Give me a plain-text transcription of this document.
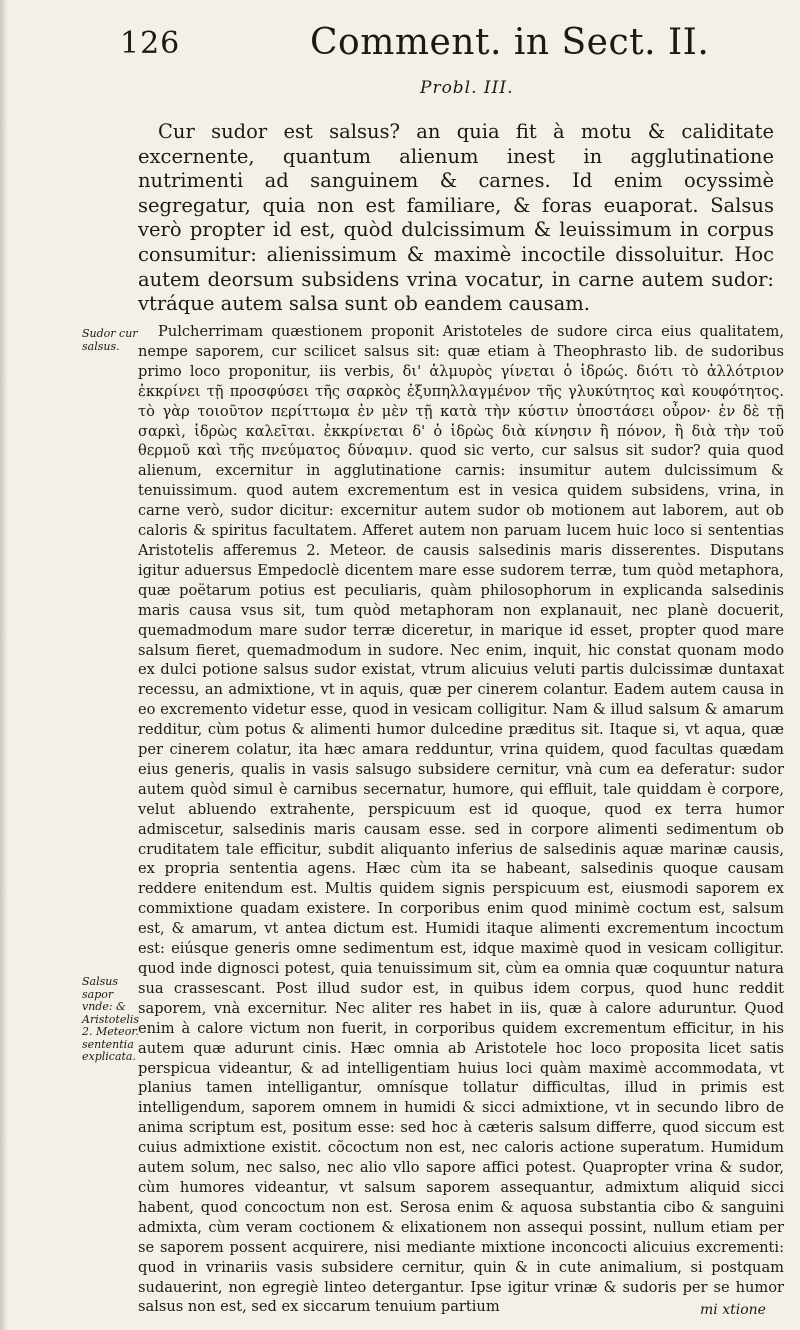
126	Comment. in Sect. II.
Probl. III.
Cur sudor est salsus? an quia fit à motu & caliditate excernente, quantum alienum inest in agglutinatione nutrimenti ad sanguinem & carnes. Id enim ocyssimè segregatur, quia non est familiare, & foras euaporat. Salsus verò propter id est, quòd dulcissimum & leuissimum in corpus consumitur: alienissimum & maximè incoctile dissoluitur. Hoc autem deorsum subsidens vrina vocatur, in carne autem sudor: vtráque autem salsa sunt ob eandem causam.
Sudor cur salsus.

Pulcherrimam quæstionem proponit Aristoteles de sudore circa eius qualitatem, nempe saporem, cur scilicet salsus sit: quæ etiam à Theophrasto lib. de sudoribus primo loco proponitur, iis verbis, δι' ἁλμυρὸς γίνεται ὁ ἱδρώς. διότι τὸ ἀλλότριον ἐκκρίνει τῇ προσφύσει τῆς σαρκὸς ἐξυπηλλαγμένον τῆς γλυκύτητος καὶ κουφότητος. τὸ γὰρ τοιοῦτον περίττωμα ἐν μὲν τῇ κατὰ τὴν κύστιν ὑποστάσει οὖρον· ἐν δὲ τῇ σαρκὶ, ἱδρὼς καλεῖται. ἐκκρίνεται δ' ὁ ἱδρὼς διὰ κίνησιν ἢ πόνον, ἢ διὰ τὴν τοῦ θερμοῦ καὶ τῆς πνεύματος δύναμιν. quod sic verto, cur salsus sit sudor? quia quod alienum, excernitur in agglutinatione carnis: insumitur autem dulcissimum & tenuissimum. quod autem excrementum est in vesica quidem subsidens, vrina, in carne verò, sudor dicitur: excernitur autem sudor ob motionem aut laborem, aut ob caloris & spiritus facultatem. Afferet autem non paruam lucem huic loco si sententias Aristotelis afferemus 2. Meteor. de causis salsedinis maris disserentes. Disputans igitur aduersus Empedoclè dicentem mare esse sudorem terræ, tum quòd metaphora, quæ poëtarum potius est peculiaris, quàm philosophorum in explicanda salsedinis maris causa vsus sit, tum quòd metaphoram non explanauit, nec planè docuerit, quemadmodum mare sudor terræ diceretur, in marique id esset, propter quod mare salsum fieret, quemadmodum in sudore. Nec enim, inquit, hic constat quonam modo ex dulci potione salsus sudor existat, vtrum alicuius veluti partis dulcissimæ duntaxat recessu, an admixtione, vt in aquis, quæ per cinerem colantur. Eadem autem causa in eo excremento videtur esse, quod in vesicam colligitur. Nam & illud salsum & amarum redditur, cùm potus & alimenti humor dulcedine præditus sit. Itaque si, vt aqua, quæ per cinerem colatur, ita hæc amara redduntur, vrina quidem, quod facultas quædam eius generis, qualis in vasis salsugo subsidere cernitur, vnà cum ea deferatur: sudor autem quòd simul è carnibus secernatur, humore, qui effluit, tale quiddam è corpore, velut abluendo extrahente, perspicuum est id quoque, quod ex terra humor admiscetur, salsedinis maris causam esse. sed in corpore alimenti sedimentum ob cruditatem tale efficitur, subdit aliquanto inferius de salsedinis aquæ marinæ causis, ex propria sententia agens. Hæc cùm ita se habeant, salsedinis quoque causam reddere enitendum est. Multis quidem signis perspicuum est, eiusmodi saporem ex commixtione quadam existere. In corporibus enim quod minimè coctum est, salsum est, & amarum, vt antea dictum est. Humidi itaque alimenti excrementum incoctum est: eiúsque generis omne sedimentum est, idque maximè quod in vesicam colligitur. quod inde dignosci potest, quia tenuissimum sit, cùm ea omnia quæ coquuntur natura sua crassescant. Post illud sudor est, in quibus idem corpus, quod hunc reddit saporem, vnà excernitur. Nec aliter res habet in iis, quæ à calore aduruntur. Quod enim à calore victum non fuerit, in corporibus quidem excrementum efficitur, in his autem quæ adurunt cinis. Hæc omnia ab Aristotele hoc loco proposita licet satis perspicua videantur, & ad intelligentiam huius loci quàm maximè accommodata, vt planius tamen intelligantur, omnísque tollatur difficultas, illud in primis est intelligendum, saporem omnem in humidi & sicci admixtione, vt in secundo libro de anima scriptum est, positum esse: sed hoc à cæteris salsum differre, quod siccum est cuius admixtione existit. cõcoctum non est, nec caloris actione superatum. Humidum autem solum, nec salso, nec alio vllo sapore affici potest. Quapropter vrina & sudor, cùm humores videantur, vt salsum saporem assequantur, admixtum aliquid sicci habent, quod concoctum non est. Serosa enim & aquosa substantia cibo & sanguini admixta, cùm veram coctionem & elixationem non assequi possint, nullum etiam per se saporem possent acquirere, nisi mediante mixtione inconcocti alicuius excrementi: quod in vrinariis vasis subsidere cernitur, quin & in cute animalium, si postquam sudauerint, non egregiè linteo detergantur. Ipse igitur vrinæ & sudoris per se humor salsus non est, sed ex siccarum tenuium partium

Salsus sapor vnde: & Aristotelis 2. Meteor. sententia explicata.
mi xtione
